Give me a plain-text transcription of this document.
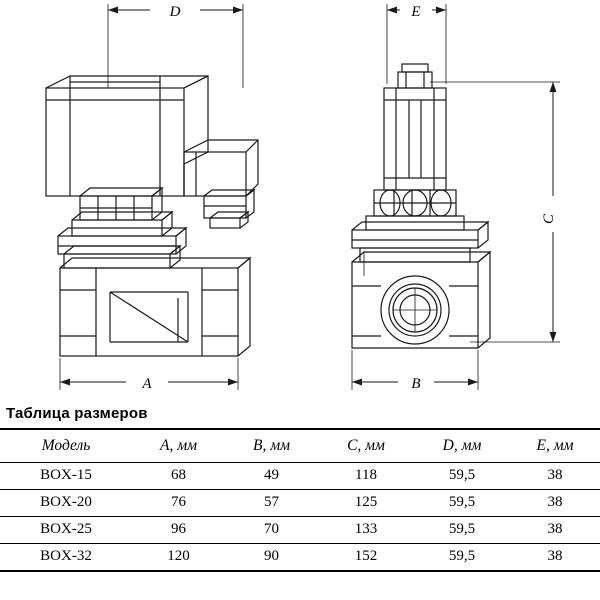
D	E
A	B
C
Таблица размеров
Модель	A, мм	B, мм	C, мм	D, мм	E, мм
BOX-15	68	49	118	59,5	38
BOX-20	76	57	125	59,5	38
BOX-25	96	70	133	59,5	38
BOX-32	120	90	152	59,5	38
